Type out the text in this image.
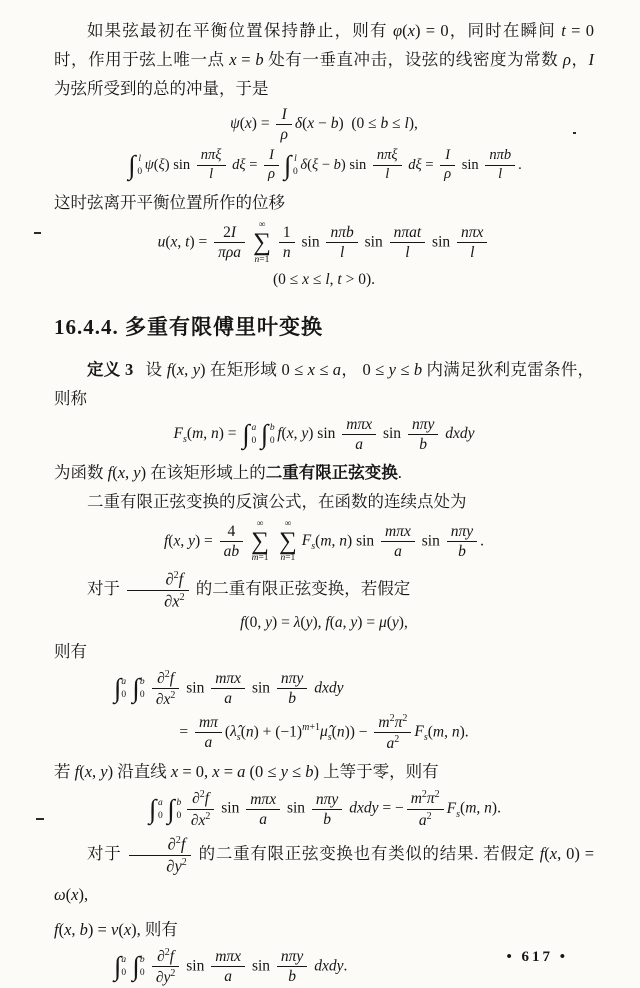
如果弦最初在平衡位置保持静止，则有 φ(x) = 0，同时在瞬间 t = 0 时，作用于弦上唯一点 x = b 处有一垂直冲击，设弦的线密度为常数 ρ，I 为弦所受到的总的冲量，于是

$\psi(x) = \frac{I}{\rho} \delta(x - b) (0 \le b \le l)$,
∫ l
0 ψ(ξ) sin
nπξ
l
$d\xi = \frac{I}{\rho}$ ∫ l
0 δ(ξ − b) sin
nπξ
l
$d\xi = \frac{I}{\rho}$ sin
nπb
l
.

这时弦离开平衡位置所作的位移

u(x, t) =
2I
πρa
∞
∑
$n=1 \frac{1}{n}$ sin
nπb
l
sin
nπat
l
sin
nπx
l
(0 ≤ x ≤ l, t > 0).
16.4.4. 多重有限傅里叶变换

定义 3 设 f(x, y) 在矩形域 0 ≤ x ≤ a， 0 ≤ y ≤ b 内满足狄利克雷条件，则称

$F_s(m$, n) = ∫ a
0 ∫ b
0 f(x, y) sin
mπx
a
sin
nπy
b
dxdy

为函数 f(x, y) 在该矩形域上的二重有限正弦变换.

二重有限正弦变换的反演公式，在函数的连续点处为

f(x, $y) = \frac{4}{ab}$ ∞
∑
m=1
∞
∑
n=1
$F_s(m$, n) sin
mπx
a
sin
nπy
b
.

对于 $\frac{\partial^2f}{\partial x^2}$ 的二重有限正弦变换，若假定

f(0, y) = λ(y), f(a, y) = μ(y),

则有

∫ a
0 ∫ b
$0 \frac{\partial^2f}{\partial x^2}$ sin
mπx
a
sin
nπy
b
dxdy
= $\frac{m\pi}{a}$ ($\lambdâ_s(n)$ + $(-1)^{m+1}\mû_s(n)) - \frac{m^2\pi^2}{a^2} F_s(m$, n).

若 f(x, y) 沿直线 x = 0, x = a (0 ≤ y ≤ b) 上等于零，则有

∫ a
0 ∫ b
$0 \frac{\partial^2f}{\partial x^2}$ sin
mπx
a
sin
nπy
b
dxdy = − $\frac{m^2\pi^2}{a^2} F_s(m$, n).

对于 $\frac{\partial^2f}{\partial y^2}$ 的二重有限正弦变换也有类似的结果. 若假定 f(x, 0) = ω(x),

f(x, b) = ν(x), 则有

∫ a
0 ∫ b
$0 \frac{\partial^2f}{\partial y^2}$ sin
mπx
a
sin
nπy
b
dxdy.
• 617 •
